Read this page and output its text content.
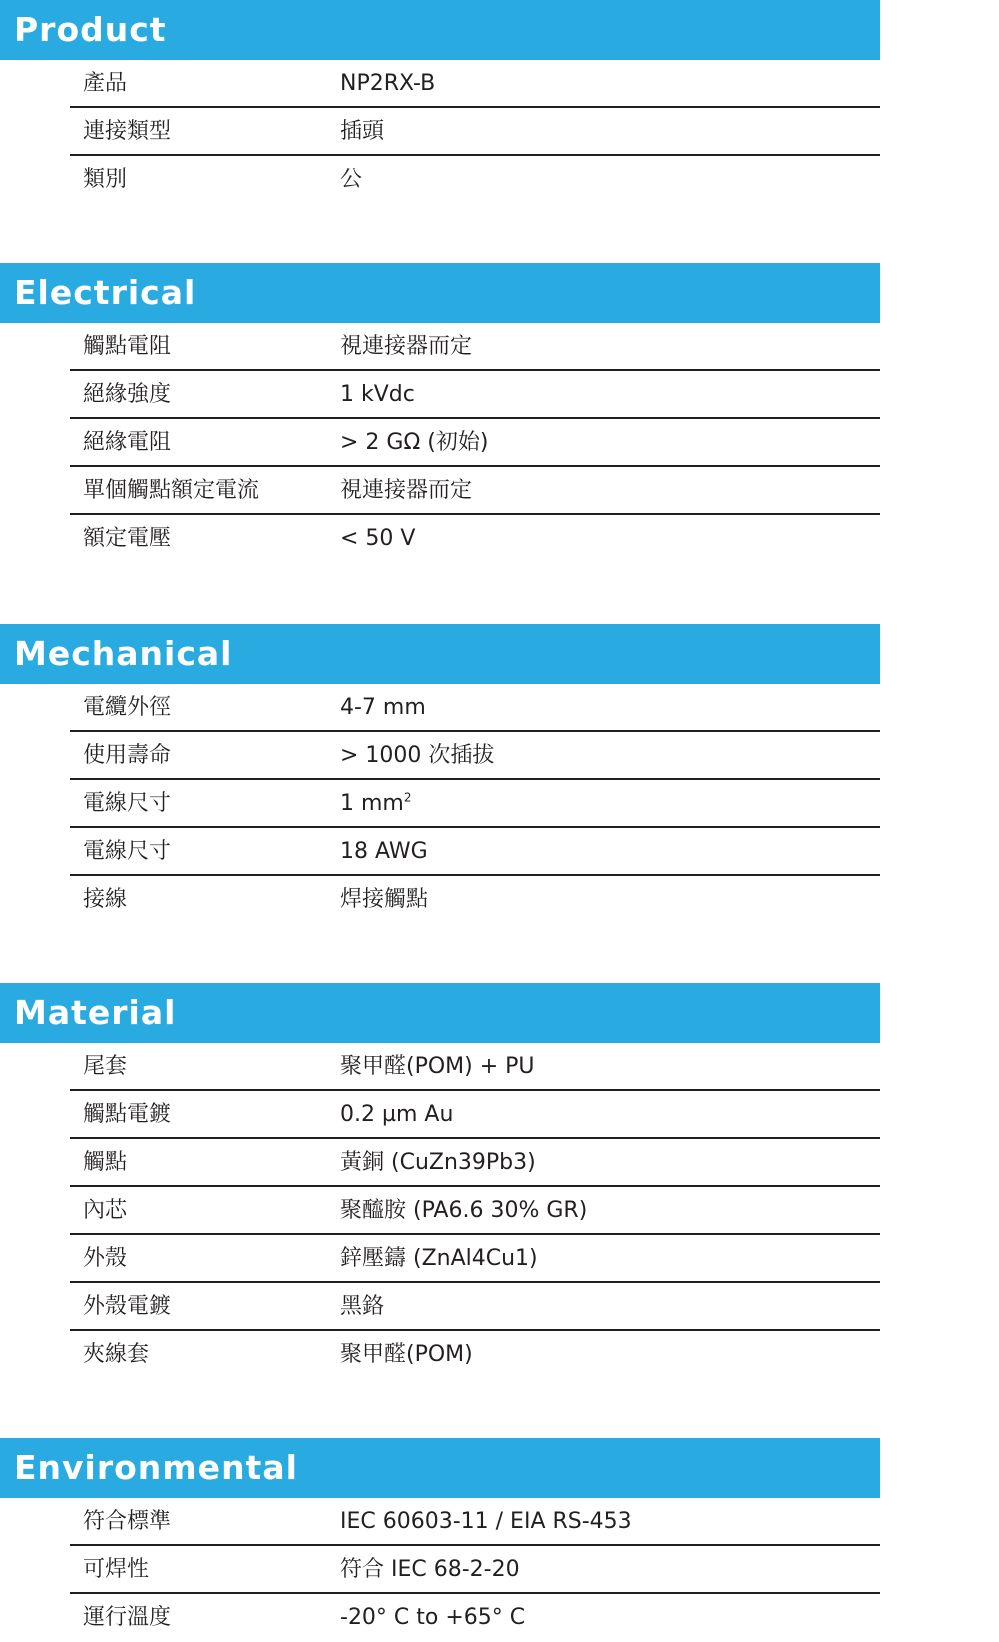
Product
產品	NP2RX-B
連接類型	插頭
類別	公
Electrical
觸點電阻	視連接器而定
絕緣強度	1 kVdc
絕緣電阻	> 2 GΩ (初始)
單個觸點額定電流	視連接器而定
額定電壓	< 50 V
Mechanical
電纜外徑	4-7 mm
使用壽命	> 1000 次插拔
電線尺寸	1 $mm^2$
電線尺寸	18 AWG
接線	焊接觸點
Material
尾套	聚甲醛(POM) + PU
觸點電鍍	0.2 µm Au
觸點	黃銅 (CuZn39Pb3)
內芯	聚醯胺 (PA6.6 30% GR)
外殼	鋅壓鑄 (ZnAl4Cu1)
外殼電鍍	黑鉻
夾線套	聚甲醛(POM)
Environmental
符合標準	IEC 60603-11 / EIA RS-453
可焊性	符合 IEC 68-2-20
運行溫度	-20° C to +65° C
